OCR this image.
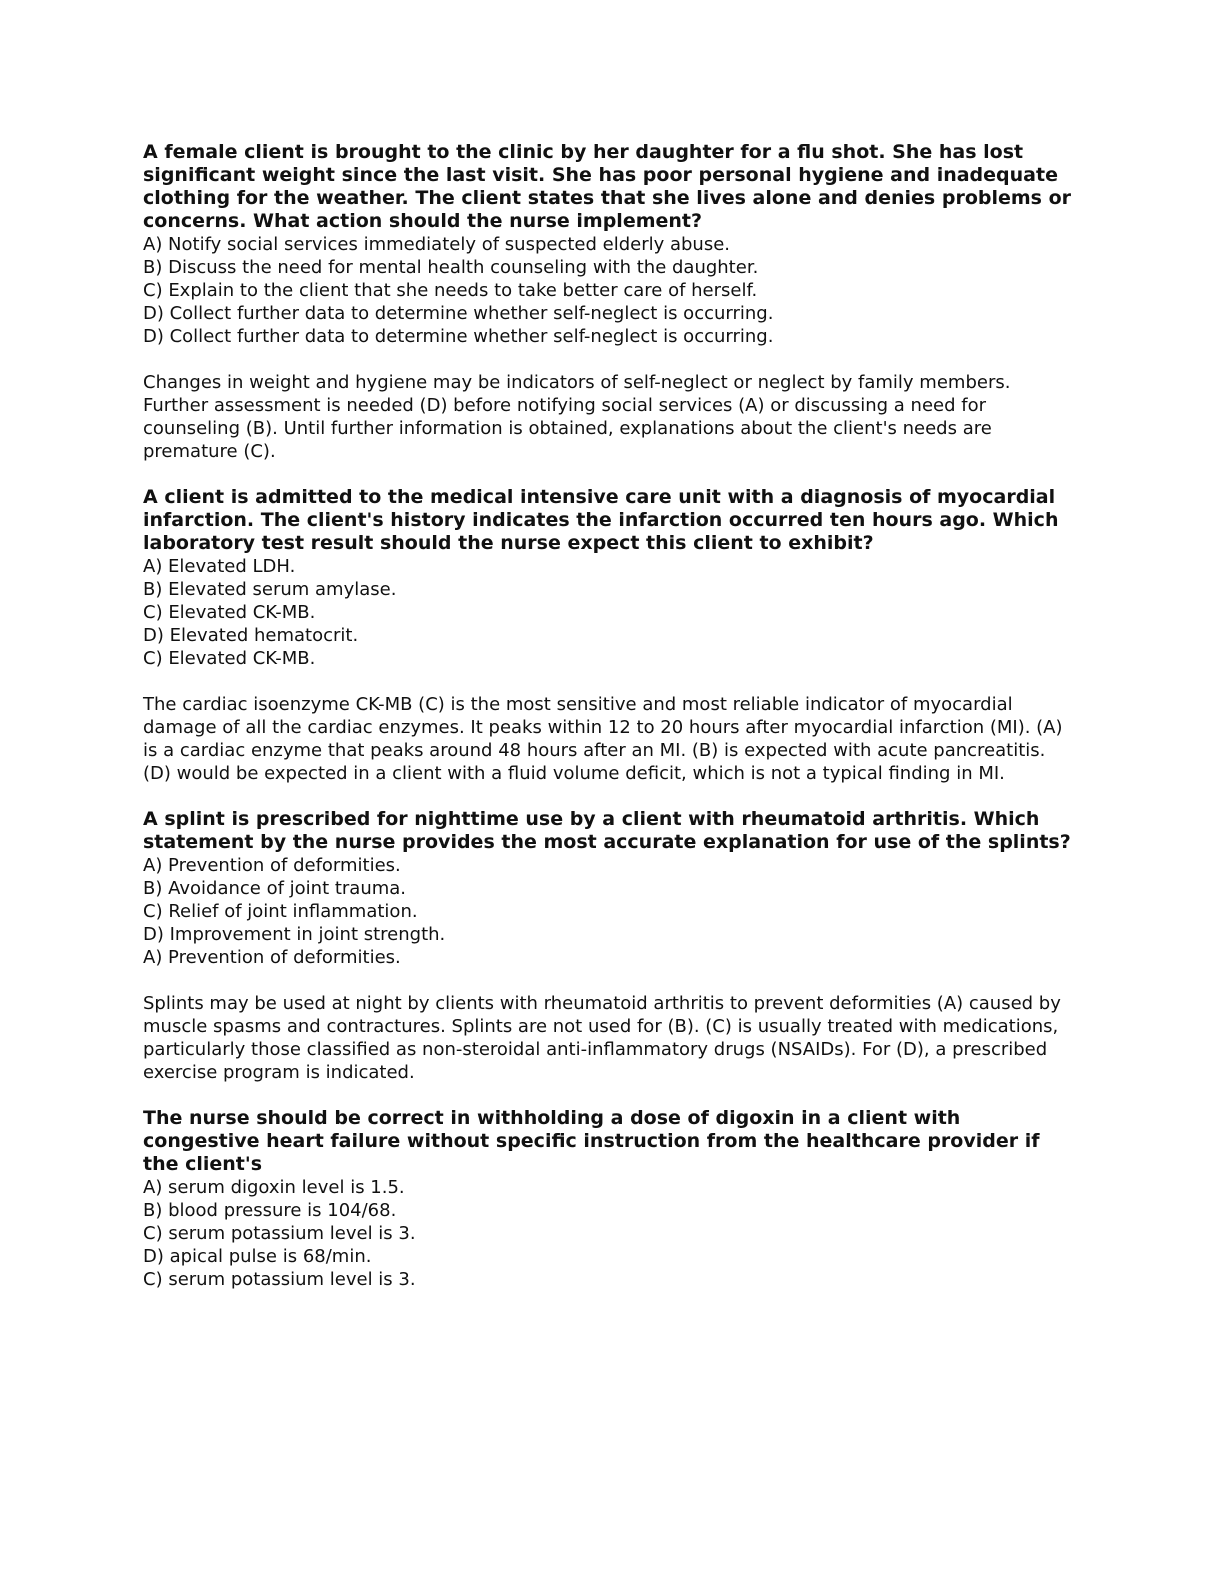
A female client is brought to the clinic by her daughter for a flu shot. She has lost significant weight since the last visit. She has poor personal hygiene and inadequate clothing for the weather. The client states that she lives alone and denies problems or concerns. What action should the nurse implement?

A) Notify social services immediately of suspected elderly abuse.

B) Discuss the need for mental health counseling with the daughter.

C) Explain to the client that she needs to take better care of herself.

D) Collect further data to determine whether self-neglect is occurring.

D) Collect further data to determine whether self-neglect is occurring.

Changes in weight and hygiene may be indicators of self-neglect or neglect by family members. Further assessment is needed (D) before notifying social services (A) or discussing a need for counseling (B). Until further information is obtained, explanations about the client's needs are premature (C).

A client is admitted to the medical intensive care unit with a diagnosis of myocardial infarction. The client's history indicates the infarction occurred ten hours ago. Which laboratory test result should the nurse expect this client to exhibit?

A) Elevated LDH.

B) Elevated serum amylase.

C) Elevated CK-MB.

D) Elevated hematocrit.

C) Elevated CK-MB.

The cardiac isoenzyme CK-MB (C) is the most sensitive and most reliable indicator of myocardial damage of all the cardiac enzymes. It peaks within 12 to 20 hours after myocardial infarction (MI). (A) is a cardiac enzyme that peaks around 48 hours after an MI. (B) is expected with acute pancreatitis. (D) would be expected in a client with a fluid volume deficit, which is not a typical finding in MI.

A splint is prescribed for nighttime use by a client with rheumatoid arthritis. Which statement by the nurse provides the most accurate explanation for use of the splints?

A) Prevention of deformities.

B) Avoidance of joint trauma.

C) Relief of joint inflammation.

D) Improvement in joint strength.

A) Prevention of deformities.

Splints may be used at night by clients with rheumatoid arthritis to prevent deformities (A) caused by muscle spasms and contractures. Splints are not used for (B). (C) is usually treated with medications, particularly those classified as non-steroidal anti-inflammatory drugs (NSAIDs). For (D), a prescribed exercise program is indicated.

The nurse should be correct in withholding a dose of digoxin in a client with congestive heart failure without specific instruction from the healthcare provider if the client's

A) serum digoxin level is 1.5.

B) blood pressure is 104/68.

C) serum potassium level is 3.

D) apical pulse is 68/min.

C) serum potassium level is 3.
